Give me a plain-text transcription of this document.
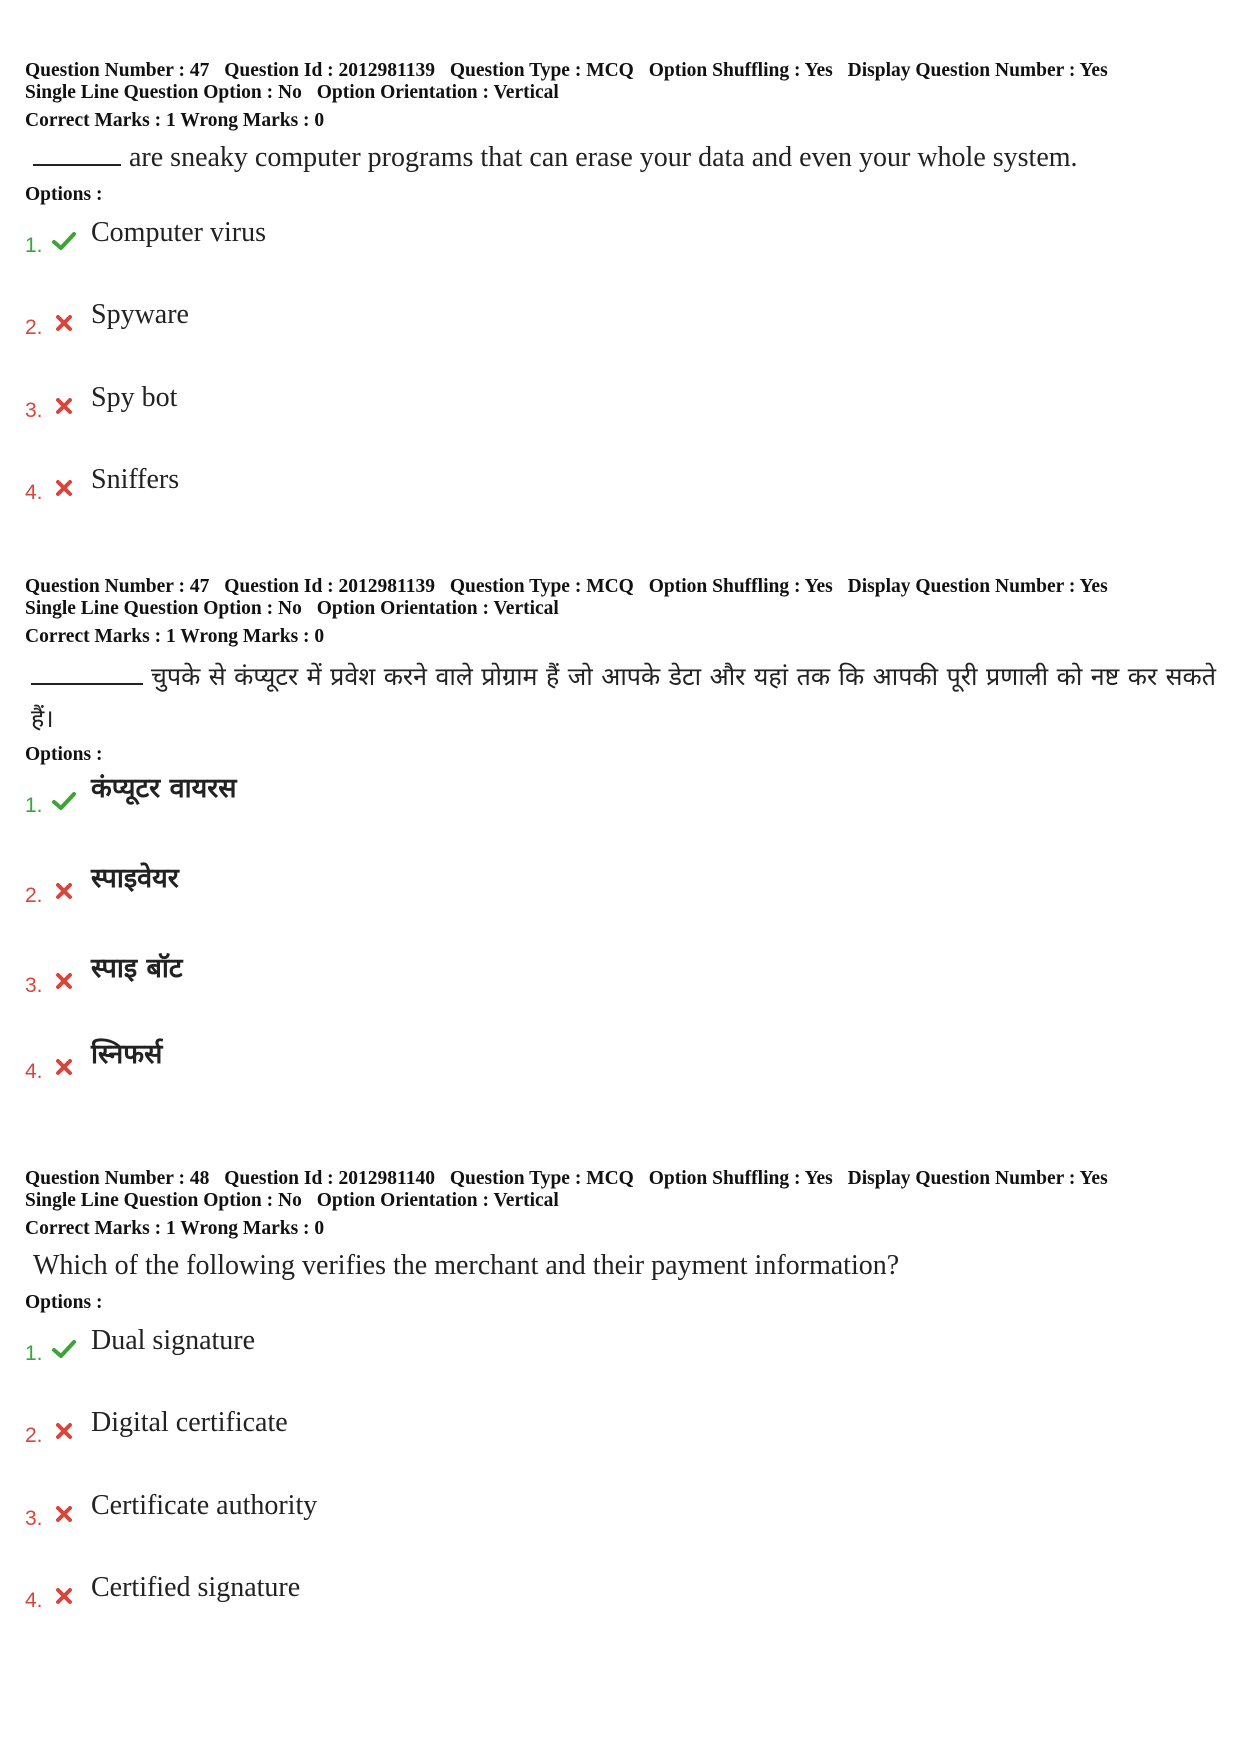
Question Number : 47 Question Id : 2012981139 Question Type : MCQ Option Shuffling : Yes Display Question Number : Yes
Single Line Question Option : No Option Orientation : Vertical
Correct Marks : 1 Wrong Marks : 0
are sneaky computer programs that can erase your data and even your whole system.
Options :
1. Computer virus
2. Spyware
3. Spy bot
4. Sniffers
Question Number : 47 Question Id : 2012981139 Question Type : MCQ Option Shuffling : Yes Display Question Number : Yes
Single Line Question Option : No Option Orientation : Vertical
Correct Marks : 1 Wrong Marks : 0
चुपके से कंप्यूटर में प्रवेश करने वाले प्रोग्राम हैं जो आपके डेटा और यहां तक कि आपकी पूरी प्रणाली को नष्ट कर सकते हैं।
Options :
1.
कंप्यूटर वायरस
2.
स्पाइवेयर
3.
स्पाइ बॉट
4.
स्निफर्स
Question Number : 48 Question Id : 2012981140 Question Type : MCQ Option Shuffling : Yes Display Question Number : Yes
Single Line Question Option : No Option Orientation : Vertical
Correct Marks : 1 Wrong Marks : 0
Which of the following verifies the merchant and their payment information?
Options :
1. Dual signature
2. Digital certificate
3. Certificate authority
4. Certified signature
